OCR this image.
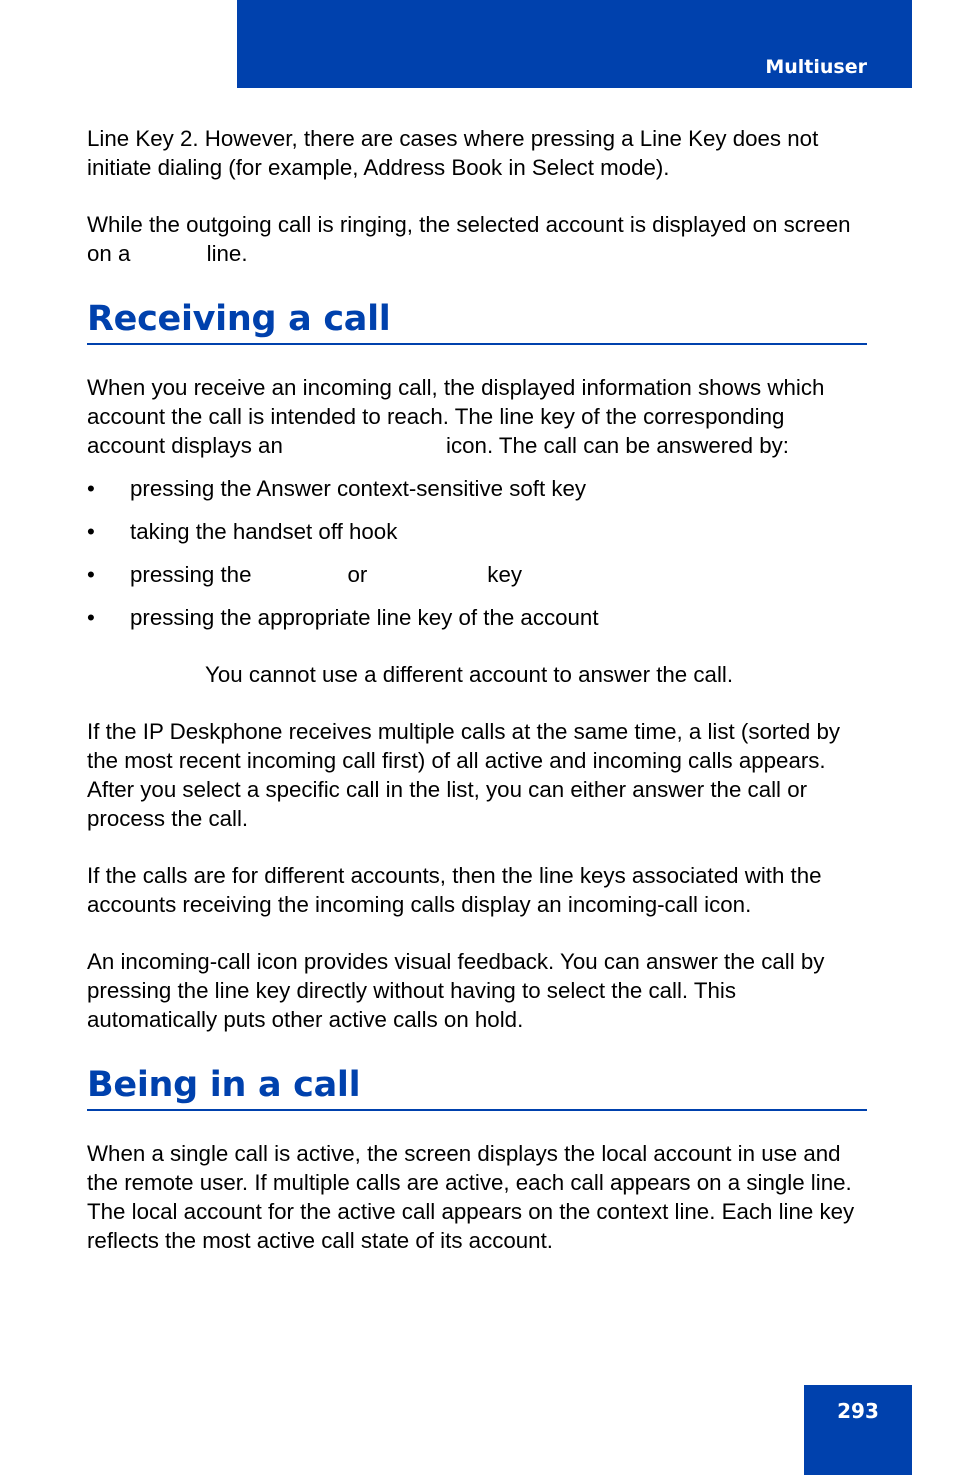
Multiuser

Line Key 2. However, there are cases where pressing a Line Key does not initiate dialing (for example, Address Book in Select mode).

While the outgoing call is ringing, the selected account is displayed on screen on a	line.

Receiving a call

When you receive an incoming call, the displayed information shows which account the call is intended to reach. The line key of the corresponding account displays an	icon. The call can be answered by:

• pressing the Answer context-sensitive soft key
• taking the handset off hook
• pressing the	or	key
• pressing the appropriate line key of the account

You cannot use a different account to answer the call.

If the IP Deskphone receives multiple calls at the same time, a list (sorted by the most recent incoming call first) of all active and incoming calls appears. After you select a specific call in the list, you can either answer the call or process the call.

If the calls are for different accounts, then the line keys associated with the accounts receiving the incoming calls display an incoming-call icon.

An incoming-call icon provides visual feedback. You can answer the call by pressing the line key directly without having to select the call. This automatically puts other active calls on hold.

Being in a call

When a single call is active, the screen displays the local account in use and the remote user. If multiple calls are active, each call appears on a single line. The local account for the active call appears on the context line. Each line key reflects the most active call state of its account.

293
